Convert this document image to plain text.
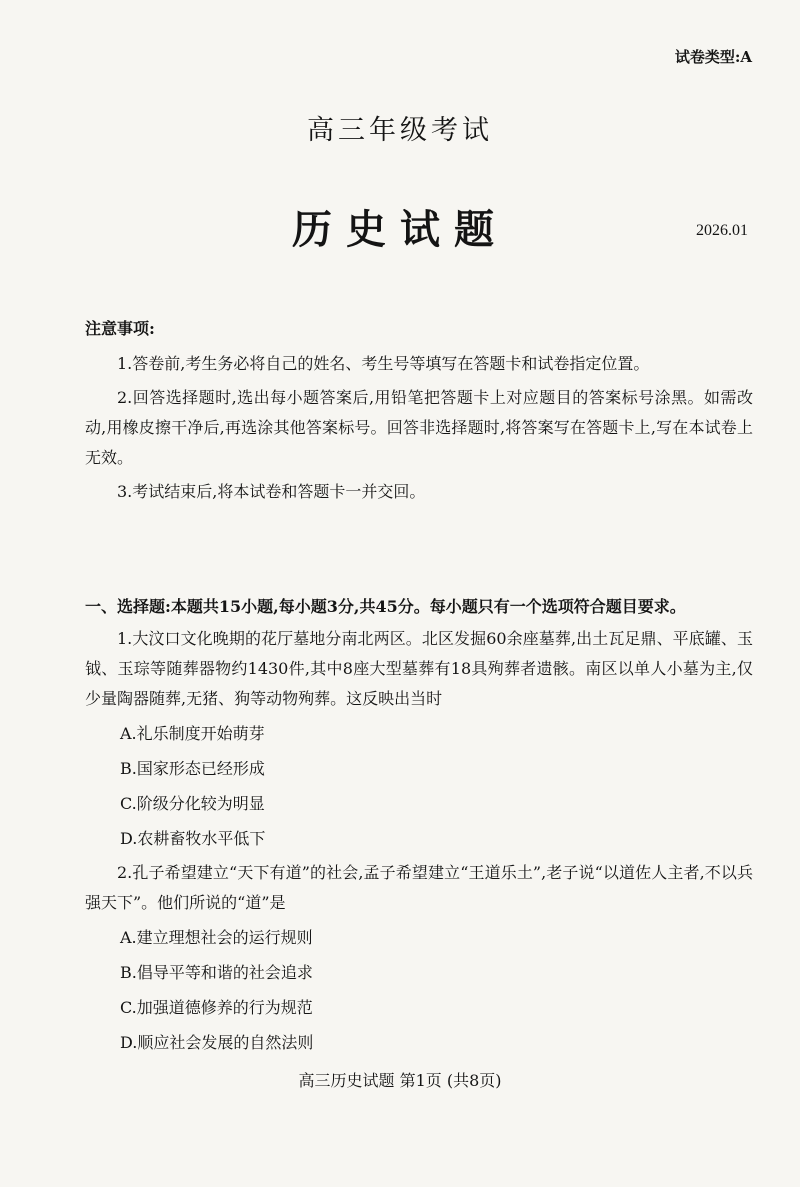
试卷类型:A
高三年级考试
历史试题	2026.01
注意事项:

1.答卷前,考生务必将自己的姓名、考生号等填写在答题卡和试卷指定位置。

2.回答选择题时,选出每小题答案后,用铅笔把答题卡上对应题目的答案标号涂黑。如需改动,用橡皮擦干净后,再选涂其他答案标号。回答非选择题时,将答案写在答题卡上,写在本试卷上无效。

3.考试结束后,将本试卷和答题卡一并交回。

一、选择题:本题共15小题,每小题3分,共45分。每小题只有一个选项符合题目要求。

1.大汶口文化晚期的花厅墓地分南北两区。北区发掘60余座墓葬,出土瓦足鼎、平底罐、玉钺、玉琮等随葬器物约1430件,其中8座大型墓葬有18具殉葬者遗骸。南区以单人小墓为主,仅少量陶器随葬,无猪、狗等动物殉葬。这反映出当时

A.礼乐制度开始萌芽
B.国家形态已经形成
C.阶级分化较为明显
D.农耕畜牧水平低下

2.孔子希望建立“天下有道”的社会,孟子希望建立“王道乐土”,老子说“以道佐人主者,不以兵强天下”。他们所说的“道”是

A.建立理想社会的运行规则
B.倡导平等和谐的社会追求
C.加强道德修养的行为规范
D.顺应社会发展的自然法则
高三历史试题 第1页 (共8页)
